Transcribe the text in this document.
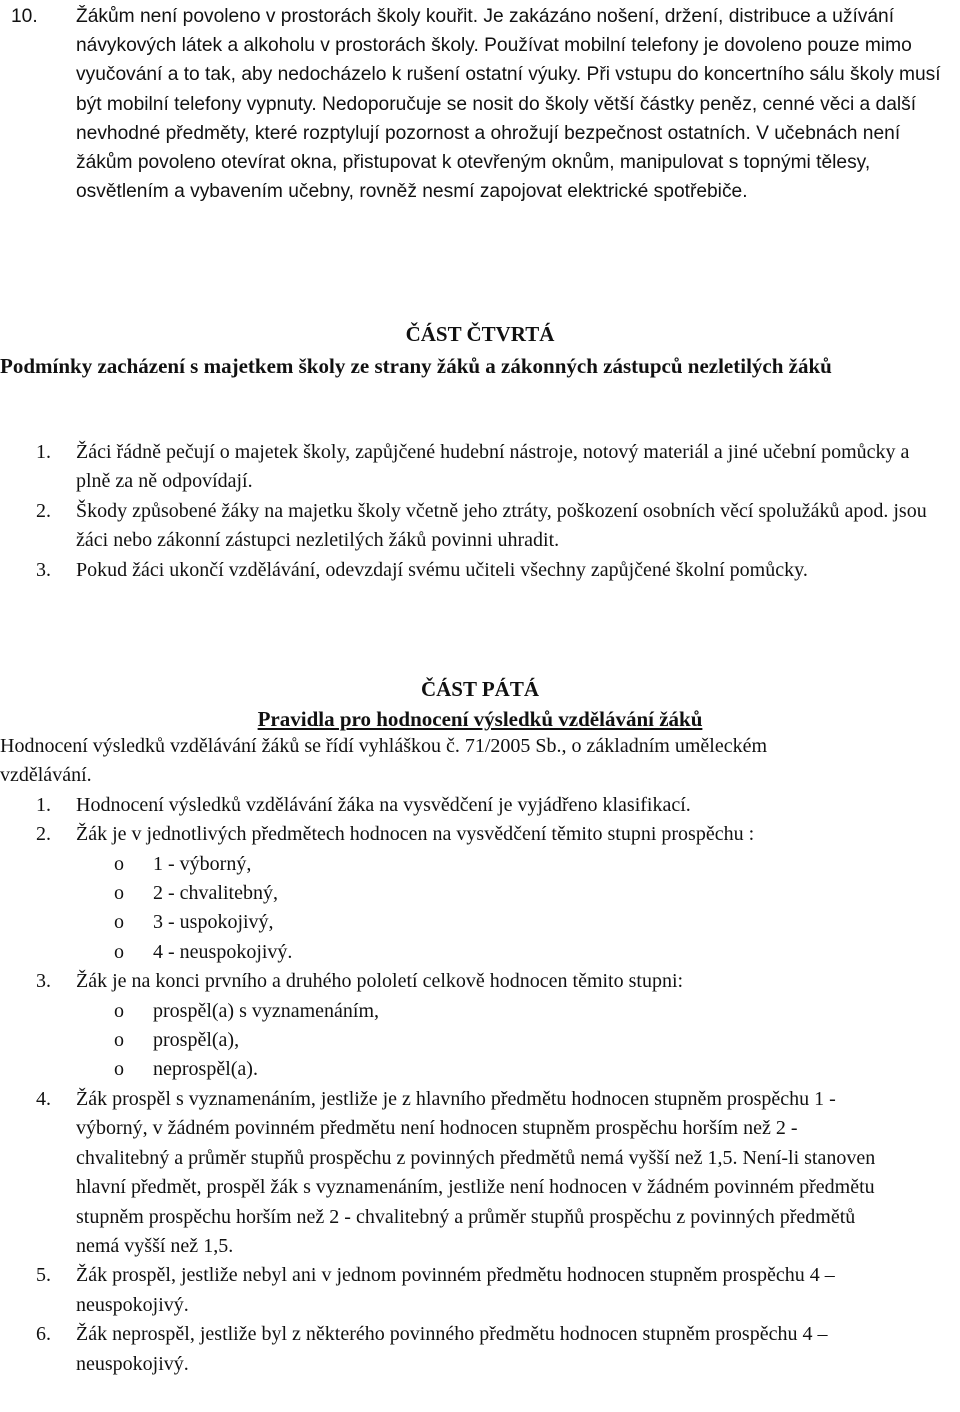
10. Žákům není povoleno v prostorách školy kouřit. Je zakázáno nošení, držení, distribuce a užívání návykových látek a alkoholu v prostorách školy. Používat mobilní telefony je dovoleno pouze mimo vyučování a to tak, aby nedocházelo k rušení ostatní výuky. Při vstupu do koncertního sálu školy musí být mobilní telefony vypnuty. Nedoporučuje se nosit do školy větší částky peněz, cenné věci a další nevhodné předměty, které rozptylují pozornost a ohrožují bezpečnost ostatních. V učebnách není žákům povoleno otevírat okna, přistupovat k otevřeným oknům, manipulovat s topnými tělesy, osvětlením a vybavením učebny, rovněž nesmí zapojovat elektrické spotřebiče.

ČÁST ČTVRTÁ
Podmínky zacházení s majetkem školy ze strany žáků a zákonných zástupců nezletilých žáků
1. Žáci řádně pečují o majetek školy, zapůjčené hudební nástroje, notový materiál a jiné učební pomůcky a plně za ně odpovídají.

2. Škody způsobené žáky na majetku školy včetně jeho ztráty, poškození osobních věcí spolužáků apod. jsou žáci nebo zákonní zástupci nezletilých žáků povinni uhradit.

3. Pokud žáci ukončí vzdělávání, odevzdají svému učiteli všechny zapůjčené školní pomůcky.

ČÁST PÁTÁ
Pravidla pro hodnocení výsledků vzdělávání žáků

Hodnocení výsledků vzdělávání žáků se řídí vyhláškou č. 71/2005 Sb., o základním uměleckém vzdělávání.

1. Hodnocení výsledků vzdělávání žáka na vysvědčení je vyjádřeno klasifikací.

2. Žák je v jednotlivých předmětech hodnocen na vysvědčení těmito stupni prospěchu :

o 1 - výborný,
o 2 - chvalitebný,
o 3 - uspokojivý,
o 4 - neuspokojivý.
3. Žák je na konci prvního a druhého pololetí celkově hodnocen těmito stupni:

o prospěl(a) s vyznamenáním,
o prospěl(a),
o neprospěl(a).
4. Žák prospěl s vyznamenáním, jestliže je z hlavního předmětu hodnocen stupněm prospěchu 1 - výborný, v žádném povinném předmětu není hodnocen stupněm prospěchu horším než 2 - chvalitebný a průměr stupňů prospěchu z povinných předmětů nemá vyšší než 1,5. Není-li stanoven hlavní předmět, prospěl žák s vyznamenáním, jestliže není hodnocen v žádném povinném předmětu stupněm prospěchu horším než 2 - chvalitebný a průměr stupňů prospěchu z povinných předmětů nemá vyšší než 1,5.

5. Žák prospěl, jestliže nebyl ani v jednom povinném předmětu hodnocen stupněm prospěchu 4 – neuspokojivý.

6. Žák neprospěl, jestliže byl z některého povinného předmětu hodnocen stupněm prospěchu 4 – neuspokojivý.
